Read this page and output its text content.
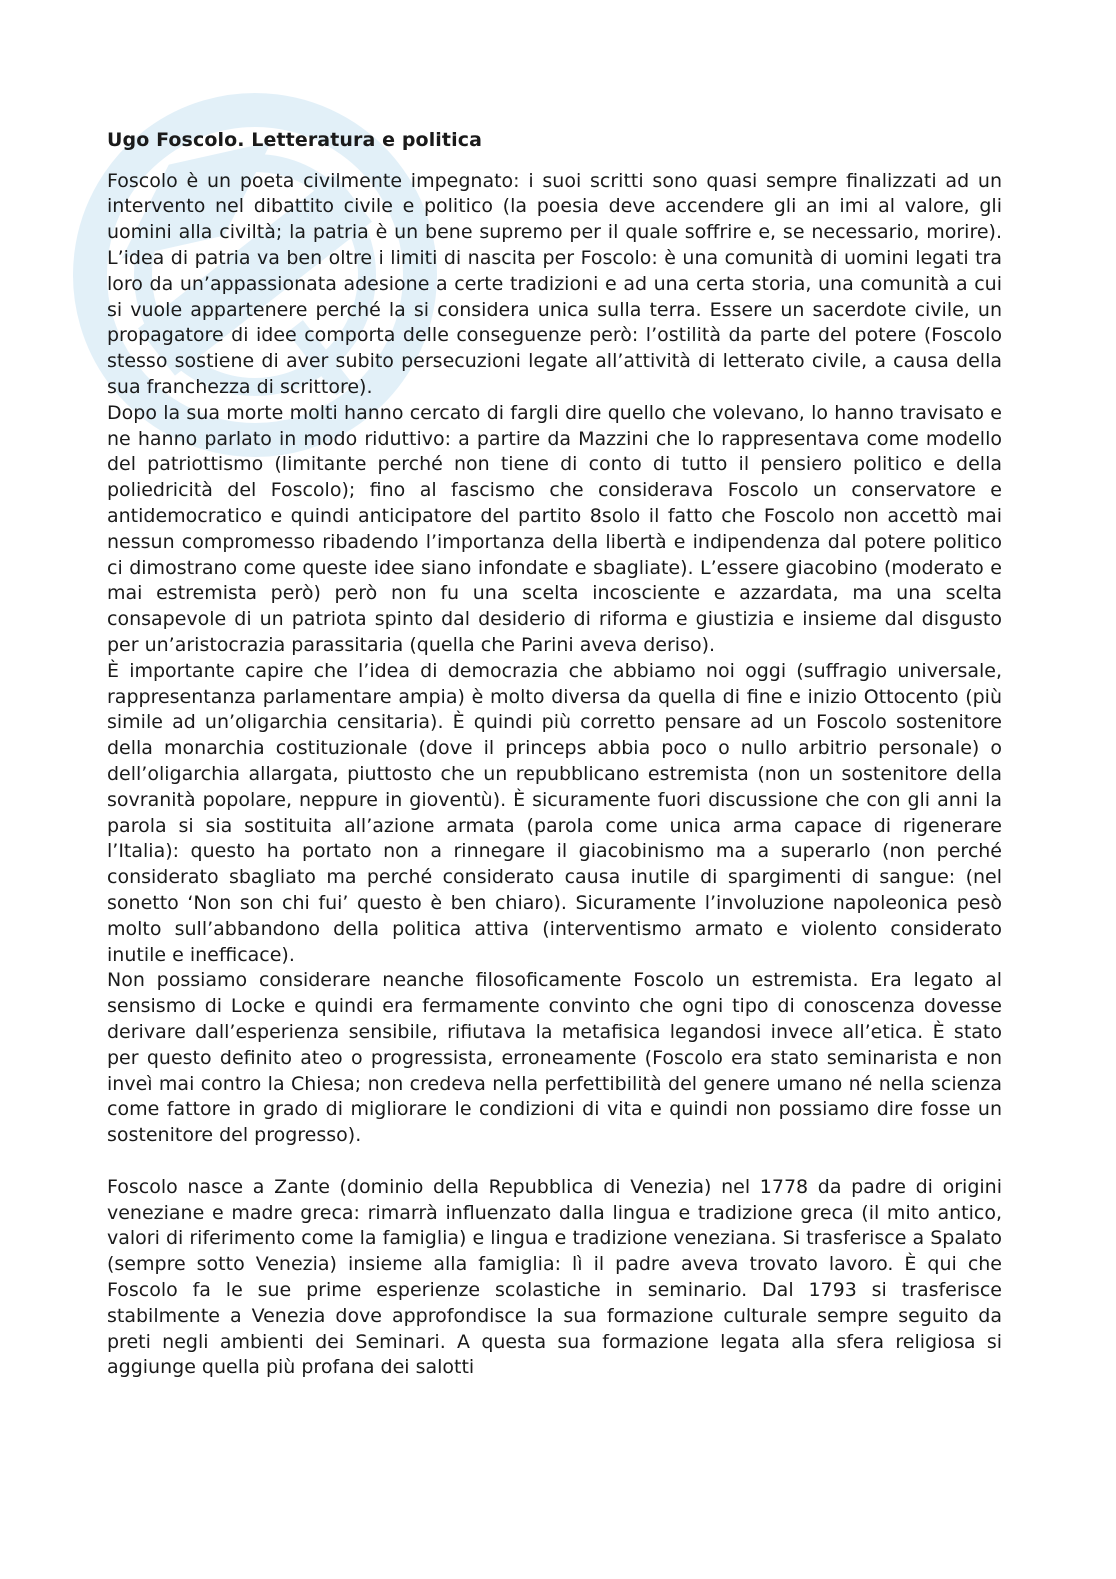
Ugo Foscolo. Letteratura e politica

Foscolo è un poeta civilmente impegnato: i suoi scritti sono quasi sempre finalizzati ad un intervento nel dibattito civile e politico (la poesia deve accendere gli an imi al valore, gli uomini alla civiltà; la patria è un bene supremo per il quale soffrire e, se necessario, morire). L’idea di patria va ben oltre i limiti di nascita per Foscolo: è una comunità di uomini legati tra loro da un’appassionata adesione a certe tradizioni e ad una certa storia, una comunità a cui si vuole appartenere perché la si considera unica sulla terra. Essere un sacerdote civile, un propagatore di idee comporta delle conseguenze però: l’ostilità da parte del potere (Foscolo stesso sostiene di aver subito persecuzioni legate all’attività di letterato civile, a causa della sua franchezza di scrittore).

Dopo la sua morte molti hanno cercato di fargli dire quello che volevano, lo hanno travisato e ne hanno parlato in modo riduttivo: a partire da Mazzini che lo rappresentava come modello del patriottismo (limitante perché non tiene di conto di tutto il pensiero politico e della poliedricità del Foscolo); fino al fascismo che considerava Foscolo un conservatore e antidemocratico e quindi anticipatore del partito 8solo il fatto che Foscolo non accettò mai nessun compromesso ribadendo l’importanza della libertà e indipendenza dal potere politico ci dimostrano come queste idee siano infondate e sbagliate). L’essere giacobino (moderato e mai estremista però) però non fu una scelta incosciente e azzardata, ma una scelta consapevole di un patriota spinto dal desiderio di riforma e giustizia e insieme dal disgusto per un’aristocrazia parassitaria (quella che Parini aveva deriso).

È importante capire che l’idea di democrazia che abbiamo noi oggi (suffragio universale, rappresentanza parlamentare ampia) è molto diversa da quella di fine e inizio Ottocento (più simile ad un’oligarchia censitaria). È quindi più corretto pensare ad un Foscolo sostenitore della monarchia costituzionale (dove il princeps abbia poco o nullo arbitrio personale) o dell’oligarchia allargata, piuttosto che un repubblicano estremista (non un sostenitore della sovranità popolare, neppure in gioventù). È sicuramente fuori discussione che con gli anni la parola si sia sostituita all’azione armata (parola come unica arma capace di rigenerare l’Italia): questo ha portato non a rinnegare il giacobinismo ma a superarlo (non perché considerato sbagliato ma perché considerato causa inutile di spargimenti di sangue: (nel sonetto ‘Non son chi fui’ questo è ben chiaro). Sicuramente l’involuzione napoleonica pesò molto sull’abbandono della politica attiva (interventismo armato e violento considerato inutile e inefficace).

Non possiamo considerare neanche filosoficamente Foscolo un estremista. Era legato al sensismo di Locke e quindi era fermamente convinto che ogni tipo di conoscenza dovesse derivare dall’esperienza sensibile, rifiutava la metafisica legandosi invece all’etica. È stato per questo definito ateo o progressista, erroneamente (Foscolo era stato seminarista e non inveì mai contro la Chiesa; non credeva nella perfettibilità del genere umano né nella scienza come fattore in grado di migliorare le condizioni di vita e quindi non possiamo dire fosse un sostenitore del progresso).

Foscolo nasce a Zante (dominio della Repubblica di Venezia) nel 1778 da padre di origini veneziane e madre greca: rimarrà influenzato dalla lingua e tradizione greca (il mito antico, valori di riferimento come la famiglia) e lingua e tradizione veneziana. Si trasferisce a Spalato (sempre sotto Venezia) insieme alla famiglia: lì il padre aveva trovato lavoro. È qui che Foscolo fa le sue prime esperienze scolastiche in seminario. Dal 1793 si trasferisce stabilmente a Venezia dove approfondisce la sua formazione culturale sempre seguito da preti negli ambienti dei Seminari. A questa sua formazione legata alla sfera religiosa si aggiunge quella più profana dei salotti
